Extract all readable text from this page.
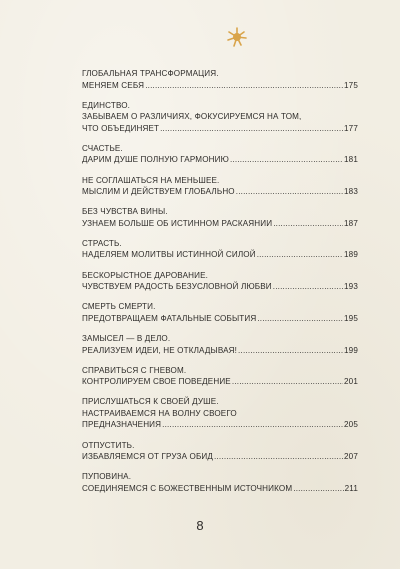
ГЛОБАЛЬНАЯ ТРАНСФОРМАЦИЯ.
МЕНЯЕМ СЕБЯ .....	175
ЕДИНСТВО.
ЗАБЫВАЕМ О РАЗЛИЧИЯХ, ФОКУСИРУЕМСЯ НА ТОМ,
ЧТО ОБЪЕДИНЯЕТ .....	177
СЧАСТЬЕ.
ДАРИМ ДУШЕ ПОЛНУЮ ГАРМОНИЮ .....	181
НЕ СОГЛАШАТЬСЯ НА МЕНЬШЕЕ.
МЫСЛИМ И ДЕЙСТВУЕМ ГЛОБАЛЬНО .....	183
БЕЗ ЧУВСТВА ВИНЫ.
УЗНАЕМ БОЛЬШЕ ОБ ИСТИННОМ РАСКАЯНИИ .....	187
СТРАСТЬ.
НАДЕЛЯЕМ МОЛИТВЫ ИСТИННОЙ СИЛОЙ .....	189
БЕСКОРЫСТНОЕ ДАРОВАНИЕ.
ЧУВСТВУЕМ РАДОСТЬ БЕЗУСЛОВНОЙ ЛЮБВИ .....	193
СМЕРТЬ СМЕРТИ.
ПРЕДОТВРАЩАЕМ ФАТАЛЬНЫЕ СОБЫТИЯ .....	195
ЗАМЫСЕЛ — В ДЕЛО.
РЕАЛИЗУЕМ ИДЕИ, НЕ ОТКЛАДЫВАЯ! .....	199
СПРАВИТЬСЯ С ГНЕВОМ.
КОНТРОЛИРУЕМ СВОЕ ПОВЕДЕНИЕ .....	201
ПРИСЛУШАТЬСЯ К СВОЕЙ ДУШЕ.
НАСТРАИВАЕМСЯ НА ВОЛНУ СВОЕГО
ПРЕДНАЗНАЧЕНИЯ .....	205
ОТПУСТИТЬ.
ИЗБАВЛЯЕМСЯ ОТ ГРУЗА ОБИД .....	207
ПУПОВИНА.
СОЕДИНЯЕМСЯ С БОЖЕСТВЕННЫМ ИСТОЧНИКОМ .....	211
8
